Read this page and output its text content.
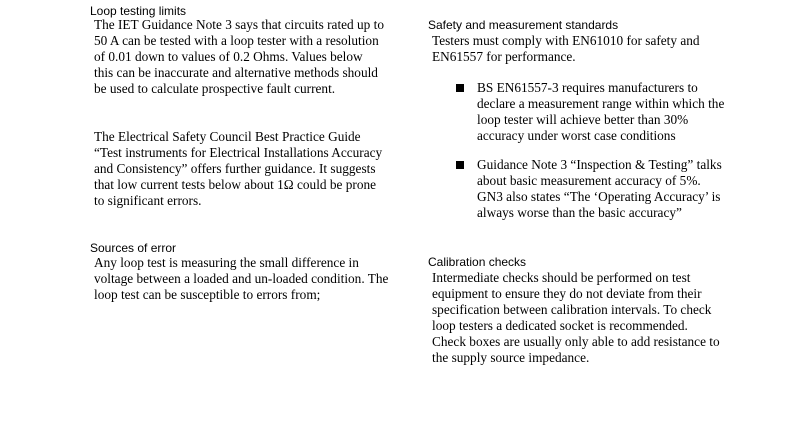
Loop testing limits

The IET Guidance Note 3 says that circuits rated up to 50 A can be tested with a loop tester with a resolution of 0.01 down to values of 0.2 Ohms. Values below this can be inaccurate and alternative methods should be used to calculate prospective fault current.

The Electrical Safety Council Best Practice Guide “Test instruments for Electrical Installations Accuracy and Consistency” offers further guidance. It suggests that low current tests below about 1Ω could be prone to significant errors.

Sources of error

Any loop test is measuring the small difference in voltage between a loaded and un-loaded condition. The loop test can be susceptible to errors from;

Safety and measurement standards

Testers must comply with EN61010 for safety and EN61557 for performance.

BS EN61557-3 requires manufacturers to declare a measurement range within which the loop tester will achieve better than 30% accuracy under worst case conditions
Guidance Note 3 “Inspection & Testing” talks about basic measurement accuracy of 5%. GN3 also states “The ‘Operating Accuracy’ is always worse than the basic accuracy”
Calibration checks

Intermediate checks should be performed on test equipment to ensure they do not deviate from their specification between calibration intervals. To check loop testers a dedicated socket is recommended. Check boxes are usually only able to add resistance to the supply source impedance.
